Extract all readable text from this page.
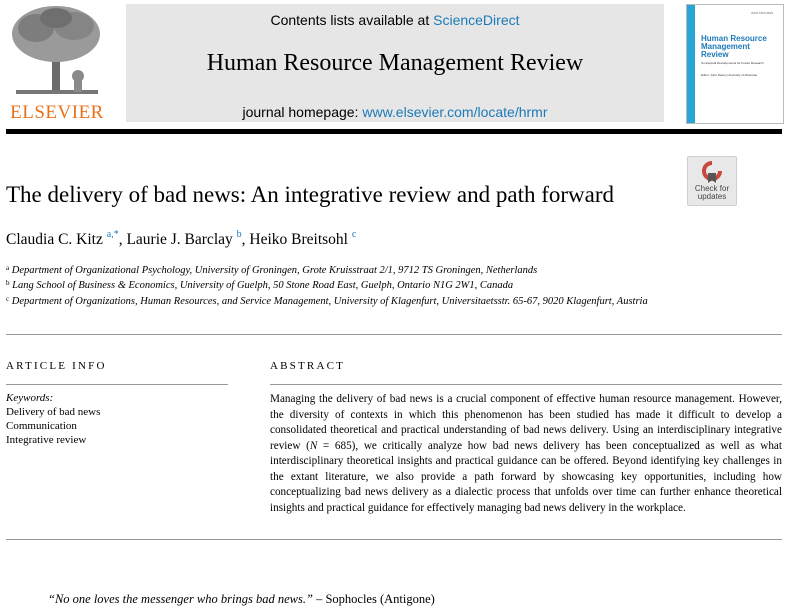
ELSEVIER
Contents lists available at ScienceDirect
Human Resource Management Review
journal homepage: www.elsevier.com/locate/hrmr
ISSN 1053-4822
Human Resource Management Review
Conceptual Developments for Future Research
Editor: John Delery University of Arkansas
Check for updates
The delivery of bad news: An integrative review and path forward
Claudia C. Kitz $^{a,*}$, Laurie J. Barclay $^b$, Heiko Breitsohl $^c$
$^a$ Department of Organizational Psychology, University of Groningen, Grote Kruisstraat 2/1, 9712 TS Groningen, Netherlands
$^b$ Lang School of Business & Economics, University of Guelph, 50 Stone Road East, Guelph, Ontario N1G 2W1, Canada
$^c$ Department of Organizations, Human Resources, and Service Management, University of Klagenfurt, Universitaetsstr. 65-67, 9020 Klagenfurt, Austria
ARTICLE INFO	ABSTRACT
Keywords:
Delivery of bad news
Communication
Integrative review
Managing the delivery of bad news is a crucial component of effective human resource management. However, the diversity of contexts in which this phenomenon has been studied has made it difficult to develop a consolidated theoretical and practical understanding of bad news delivery. Using an interdisciplinary integrative review (N = 685), we critically analyze how bad news delivery has been conceptualized as well as what interdisciplinary theoretical insights and practical guidance can be offered. Beyond identifying key challenges in the extant literature, we also provide a path forward by showcasing key opportunities, including how conceptualizing bad news delivery as a dialectic process that unfolds over time can further enhance theoretical insights and practical guidance for effectively managing bad news delivery in the workplace.
“No one loves the messenger who brings bad news.” – Sophocles (Antigone)
